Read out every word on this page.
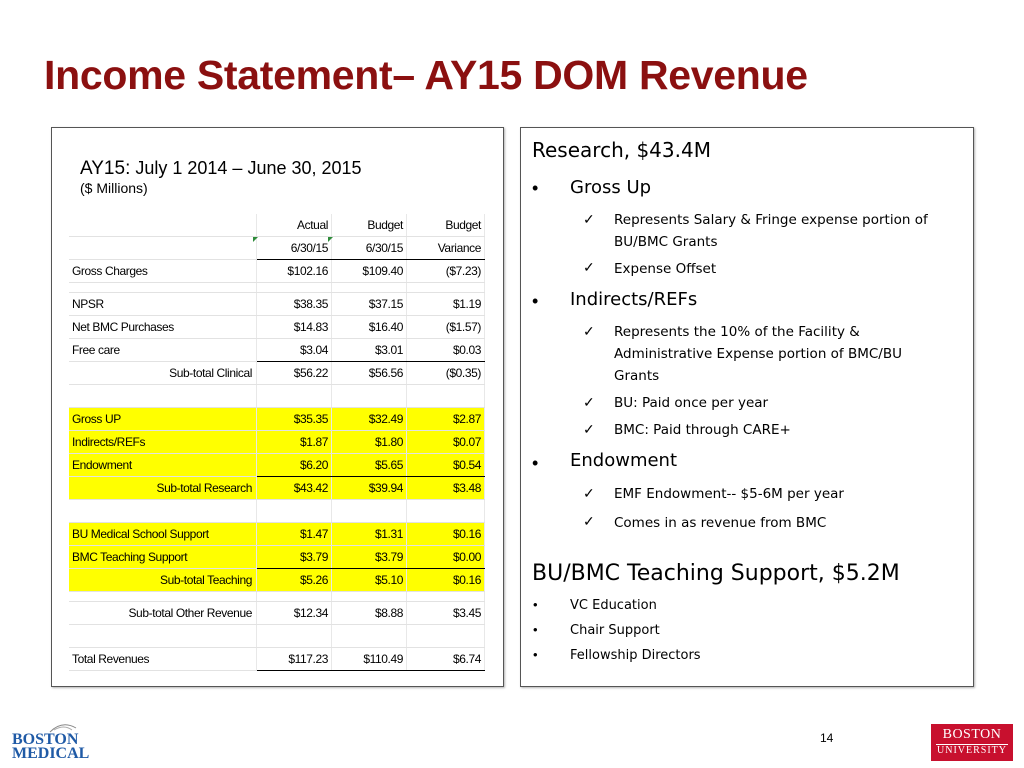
Income Statement– AY15 DOM Revenue
AY15: July 1 2014 – June 30, 2015
($ Millions)
	Actual	Budget	Budget
	6/30/15	6/30/15	Variance
Gross Charges	$102.16	$109.40	($7.23)

NPSR	$38.35	$37.15	$1.19
Net BMC Purchases	$14.83	$16.40	($1.57)
Free care	$3.04	$3.01	$0.03
Sub-total Clinical	$56.22	$56.56	($0.35)

Gross UP	$35.35	$32.49	$2.87
Indirects/REFs	$1.87	$1.80	$0.07
Endowment	$6.20	$5.65	$0.54
Sub-total Research	$43.42	$39.94	$3.48

BU Medical School Support	$1.47	$1.31	$0.16
BMC Teaching Support	$3.79	$3.79	$0.00
Sub-total Teaching	$5.26	$5.10	$0.16

Sub-total Other Revenue	$12.34	$8.88	$3.45

Total Revenues	$117.23	$110.49	$6.74
Research, $43.4M
• Gross Up
✓ Represents Salary & Fringe expense portion of
BU/BMC Grants
✓ Expense Offset
• Indirects/REFs
✓ Represents the 10% of the Facility &
Administrative Expense portion of BMC/BU
Grants
✓ BU: Paid once per year
✓ BMC: Paid through CARE+
• Endowment
✓ EMF Endowment-- $5-6M per year
✓ Comes in as revenue from BMC
BU/BMC Teaching Support, $5.2M
• VC Education
• Chair Support
• Fellowship Directors
BOSTON
MEDICAL
14	BOSTON
UNIVERSITY
